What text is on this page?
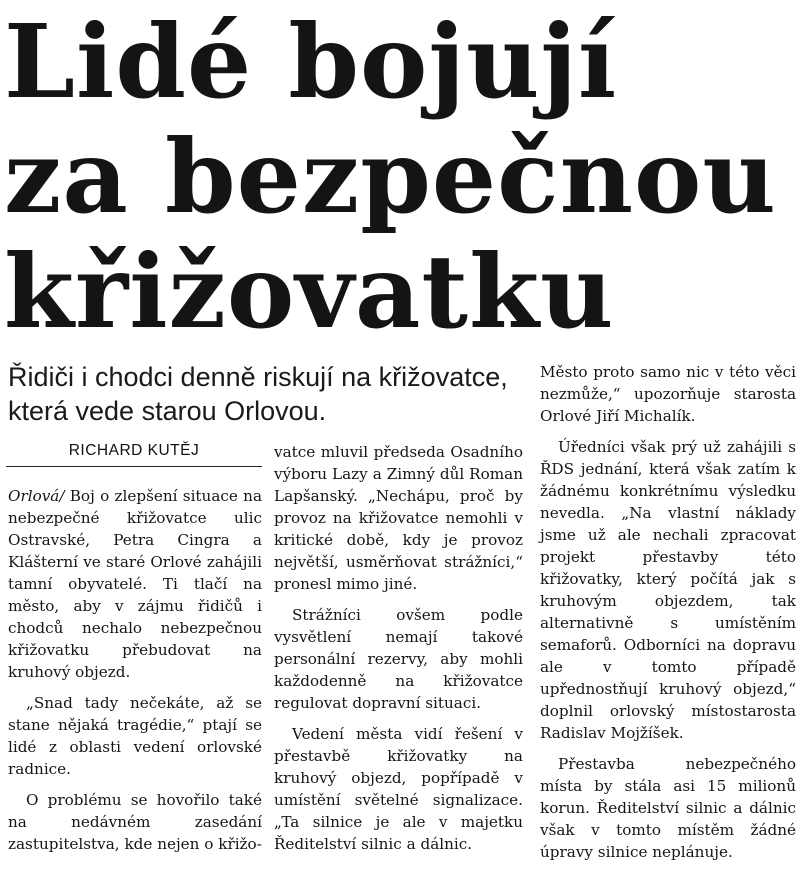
Lidé bojují
za bezpečnou
křižovatku

Řidiči i chodci denně riskují na křižovatce, která vede starou Orlovou.

RICHARD KUTĚJ

Orlová/ Boj o zlepšení situace na nebezpečné křižovatce ulic Ostravské, Petra Cingra a Klášterní ve staré Orlové zahájili tamní obyvatelé. Ti tlačí na město, aby v zájmu řidičů i chodců nechalo nebezpečnou křižovatku přebudovat na kruhový objezd.

„Snad tady nečekáte, až se stane nějaká tragédie,“ ptají se lidé z oblasti vedení orlovské radnice.

O problému se hovořilo také na nedávném zasedání zastupitelstva, kde nejen o křižo-

vatce mluvil předseda Osadního výboru Lazy a Zimný důl Roman Lapšanský. „Nechápu, proč by provoz na křižovatce nemohli v kritické době, kdy je provoz největší, usměrňovat strážníci,“ pronesl mimo jiné.

Strážníci ovšem podle vysvětlení nemají takové personální rezervy, aby mohli každodenně na křižovatce regulovat dopravní situaci.

Vedení města vidí řešení v přestavbě křižovatky na kruhový objezd, popřípadě v umístění světelné signalizace. „Ta silnice je ale v majetku Ředitelství silnic a dálnic.

Město proto samo nic v této věci nezmůže,“ upozorňuje starosta Orlové Jiří Michalík.

Úředníci však prý už zahájili s ŘDS jednání, která však zatím k žádnému konkrétnímu výsledku nevedla. „Na vlastní náklady jsme už ale nechali zpracovat projekt přestavby této křižovatky, který počítá jak s kruhovým objezdem, tak alternativně s umístěním semaforů. Odborníci na dopravu ale v tomto případě upřednostňují kruhový objezd,“ doplnil orlovský místostarosta Radislav Mojžíšek.

Přestavba nebezpečného místa by stála asi 15 milionů korun. Ředitelství silnic a dálnic však v tomto místěm žádné úpravy silnice neplánuje.
